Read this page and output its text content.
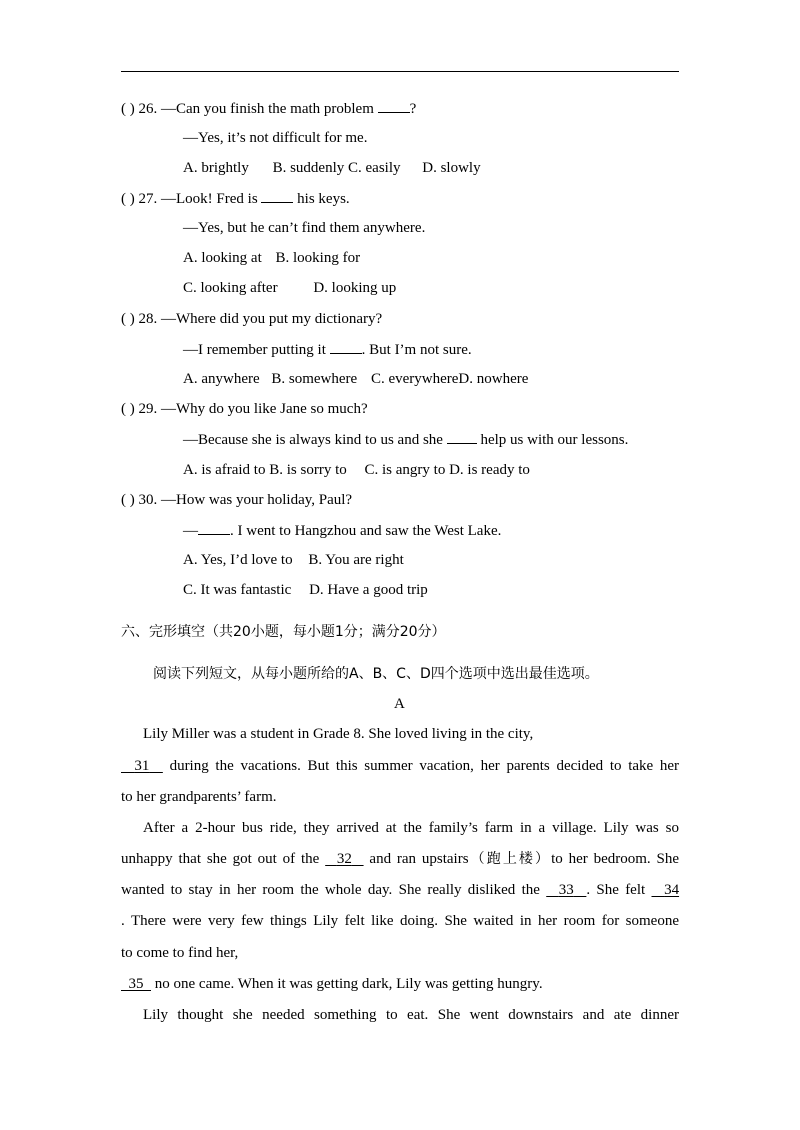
( ) 26. —Can you finish the math problem ?
—Yes, it’s not difficult for me.
A. brightly B. suddenly C. easily D. slowly
( ) 27. —Look! Fred is	his keys.
—Yes, but he can’t find them anywhere.
A. looking at B. looking for
C. looking after D. looking up
( ) 28. —Where did you put my dictionary?
—I remember putting it . But I’m not sure.
A. anywhere B. somewhere C. everywhereD. nowhere
( ) 29. —Why do you like Jane so much?
—Because she is always kind to us and she	help us with our lessons.
A. is afraid to B. is sorry to C. is angry to D. is ready to
( ) 30. —How was your holiday, Paul?
— . I went to Hangzhou and saw the West Lake.
A. Yes, I’d love to B. You are right
C. It was fantastic D. Have a good trip
六、完形填空（共20小题，每小题1分；满分20分）
阅读下列短文，从每小题所给的A、B、C、D四个选项中选出最佳选项。
A
Lily Miller was a student in Grade 8. She loved living in the city,
31 during the vacations. But this summer vacation, her parents decided to take her
to her grandparents’ farm.
After a 2-hour bus ride, they arrived at the family’s farm in a village. Lily was so
unhappy that she got out of the 32 and ran upstairs（跑上楼）to her bedroom. She
wanted to stay in her room the whole day. She really disliked the 33 . She felt 34
. There were very few things Lily felt like doing. She waited in her room for someone
to come to find her,
35 no one came. When it was getting dark, Lily was getting hungry.
Lily thought she needed something to eat. She went downstairs and ate dinner
